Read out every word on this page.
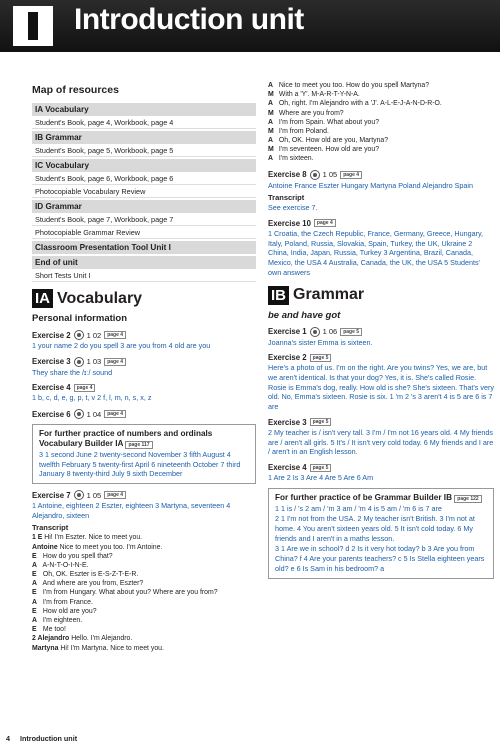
Introduction unit
Map of resources
IA Vocabulary
Student's Book, page 4, Workbook, page 4
IB Grammar
Student's Book, page 5, Workbook, page 5
IC Vocabulary
Student's Book, page 6, Workbook, page 6
Photocopiable Vocabulary Review
ID Grammar
Student's Book, page 7, Workbook, page 7
Photocopiable Grammar Review
Classroom Presentation Tool Unit I
End of unit
Short Tests Unit I
IA Vocabulary
Personal information
Exercise 2 1 02	page 4
1 your name 2 do you spell 3 are you from 4 old are you
Exercise 3 1 03	page 4
They share the /ɪː/ sound
Exercise 4	page 4
1 b, c, d, e, g, p, t, v 2 f, l, m, n, s, x, z
Exercise 6 1 04	page 4
For further practice of numbers and ordinals Vocabulary Builder IA page 117
3 1 second June 2 twenty-second November 3 fifth August 4 twelfth February 5 twenty-first April 6 nineteenth October 7 third January 8 twenty-third July 9 sixth December
Exercise 7 1 05	page 4
1 Antoine, eighteen 2 Eszter, eighteen 3 Martyna, seventeen 4 Alejandro, sixteen
Transcript
1 E Hi! I'm Eszter. Nice to meet you.
Antoine Nice to meet you too. I'm Antoine.
E How do you spell that?
A A-N-T-O-I-N-E.
E Oh, OK. Eszter is E-S-Z-T-E-R.
A And where are you from, Eszter?
E I'm from Hungary. What about you? Where are you from?
A I'm from France.
E How old are you?
A I'm eighteen.
E Me too!
2 Alejandro Hello. I'm Alejandro.
Martyna Hi! I'm Martyna. Nice to meet you.
A Nice to meet you too. How do you spell Martyna?
M With a 'Y'. M-A-R-T-Y-N-A.
A Oh, right. I'm Alejandro with a 'J'. A-L-E-J-A-N-D-R-O.
M Where are you from?
A I'm from Spain. What about you?
M I'm from Poland.
A Oh, OK. How old are you, Martyna?
M I'm seventeen. How old are you?
A I'm sixteen.
Exercise 8 1 05	page 4
Antoine France Eszter Hungary Martyna Poland Alejandro Spain
Transcript
See exercise 7.
Exercise 10	page 4
1 Croatia, the Czech Republic, France, Germany, Greece, Hungary, Italy, Poland, Russia, Slovakia, Spain, Turkey, the UK, Ukraine 2 China, India, Japan, Russia, Turkey 3 Argentina, Brazil, Canada, Mexico, the USA 4 Australia, Canada, the UK, the USA 5 Students' own answers
IB Grammar
be and have got
Exercise 1 1 06	page 5
Joanna's sister Emma is sixteen.
Exercise 2	page 5
Here's a photo of us. I'm on the right. Are you twins? Yes, we are, but we aren't identical. Is that your dog? Yes, it is. She's called Rosie. Rosie is Emma's dog, really. How old is she? She's sixteen. That's very old. No, Emma's sixteen. Rosie is six. 1 'm 2 's 3 aren't 4 is 5 are 6 is 7 are
Exercise 3	page 5
2 My teacher is / isn't very tall. 3 I'm / I'm not 16 years old. 4 My friends are / aren't all girls. 5 It's / It isn't very cold today. 6 My friends and I are / aren't in an English lesson.
Exercise 4	page 5
1 Are 2 Is 3 Are 4 Are 5 Are 6 Am
For further practice of be Grammar Builder IB page 122
1 1 is / 's 2 am / 'm 3 am / 'm 4 is 5 am / 'm 6 is 7 are
2 1 I'm not from the USA. 2 My teacher isn't British. 3 I'm not at home. 4 You aren't sixteen years old. 5 It isn't cold today. 6 My friends and I aren't in a maths lesson.
3 1 Are we in school? d 2 Is it very hot today? b 3 Are you from China? f 4 Are your parents teachers? c 5 Is Stella eighteen years old? e 6 Is Sam in his bedroom? a
4 Introduction unit
